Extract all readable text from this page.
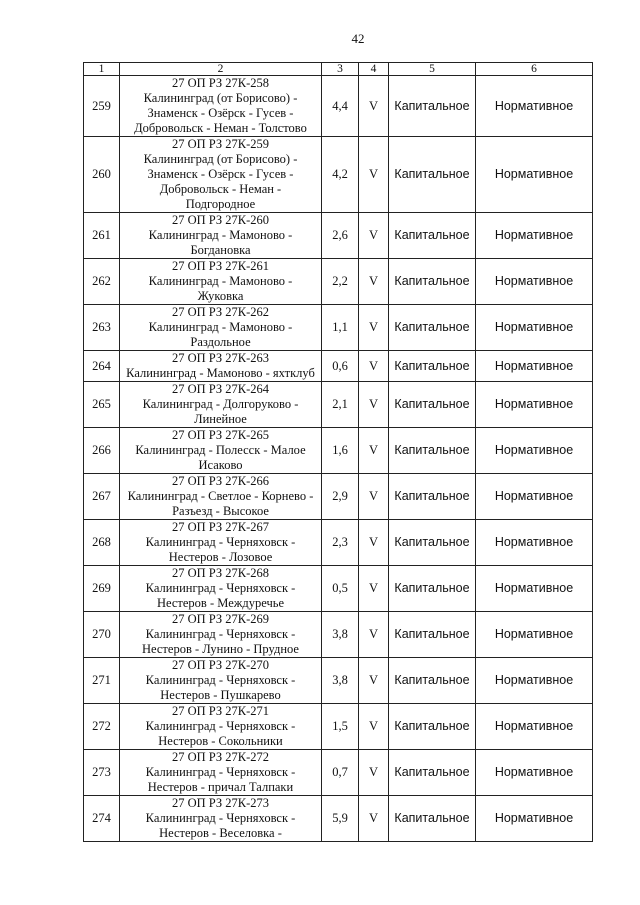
42
1	2	3	4	5	6
259	27 ОП РЗ 27К-258
Калининград (от Борисово) -
Знаменск - Озёрск - Гусев -
Добровольск - Неман - Толстово	4,4	V	Капитальное	Нормативное
260	27 ОП РЗ 27К-259
Калининград (от Борисово) -
Знаменск - Озёрск - Гусев -
Добровольск - Неман -
Подгородное	4,2	V	Капитальное	Нормативное
261	27 ОП РЗ 27К-260
Калининград - Мамоново -
Богдановка	2,6	V	Капитальное	Нормативное
262	27 ОП РЗ 27К-261
Калининград - Мамоново -
Жуковка	2,2	V	Капитальное	Нормативное
263	27 ОП РЗ 27К-262
Калининград - Мамоново -
Раздольное	1,1	V	Капитальное	Нормативное
264	27 ОП РЗ 27К-263
Калининград - Мамоново - яхтклуб	0,6	V	Капитальное	Нормативное
265	27 ОП РЗ 27К-264
Калининград - Долгоруково -
Линейное	2,1	V	Капитальное	Нормативное
266	27 ОП РЗ 27К-265
Калининград - Полесск - Малое
Исаково	1,6	V	Капитальное	Нормативное
267	27 ОП РЗ 27К-266
Калининград - Светлое - Корнево -
Разъезд - Высокое	2,9	V	Капитальное	Нормативное
268	27 ОП РЗ 27К-267
Калининград - Черняховск -
Нестеров - Лозовое	2,3	V	Капитальное	Нормативное
269	27 ОП РЗ 27К-268
Калининград - Черняховск -
Нестеров - Междуречье	0,5	V	Капитальное	Нормативное
270	27 ОП РЗ 27К-269
Калининград - Черняховск -
Нестеров - Лунино - Прудное	3,8	V	Капитальное	Нормативное
271	27 ОП РЗ 27К-270
Калининград - Черняховск -
Нестеров - Пушкарево	3,8	V	Капитальное	Нормативное
272	27 ОП РЗ 27К-271
Калининград - Черняховск -
Нестеров - Сокольники	1,5	V	Капитальное	Нормативное
273	27 ОП РЗ 27К-272
Калининград - Черняховск -
Нестеров - причал Талпаки	0,7	V	Капитальное	Нормативное
274	27 ОП РЗ 27К-273
Калининград - Черняховск -
Нестеров - Веселовка -	5,9	V	Капитальное	Нормативное
